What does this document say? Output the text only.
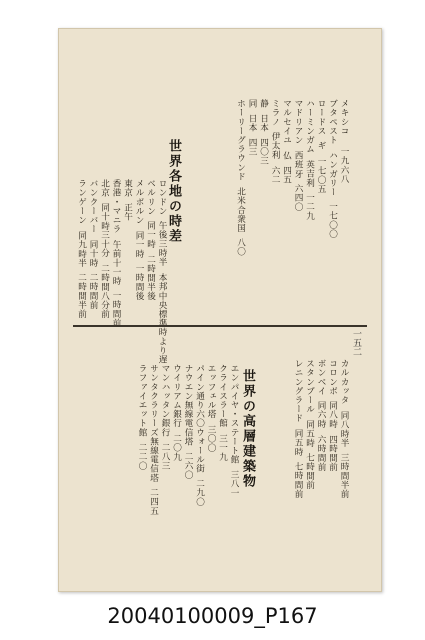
一五二
メキシコ一九六八
ブタペストハンガリー一七〇〇
ロードスギ一七〇五
ハーミンガム英吉利一二九
マドリアン西班牙六四〇
マルセイユ仏四五
ミラノ伊太利六二
静日本四〇三
同日本四三
ホーリーグラウンド北米合衆国八〇
世界各地の時差
ロンドン午後三時半本邦中央標準時より遅
ベルリン同一時二時間半後
メルボルン同一時一時間後
東京正午
香港・マニラ午前十一時一時間前
北京同十時三十分二時間八分前
バンクーバー同十時二時間前
ランゲーン同九時半二時間半前
カルカッタ同八時半三時間半前
コロンボ同八時四時間前
ボンベイ同六時六時間前
スタンブール同五時七時間前
レニングラード同五時七時間前
世界の高層建築物
エンパイヤ・ステート館三八一
クライスラー館三一九
エッフェル塔三〇〇
パイン通り六〇ウォール街二九〇
ナウエン無線電信塔二六〇
ウイリアム銀行二〇九
マンハッタン銀行二八三
サンタクラリーズ無線電信塔二四五
ラファイエット館二二〇
20040100009_P167
